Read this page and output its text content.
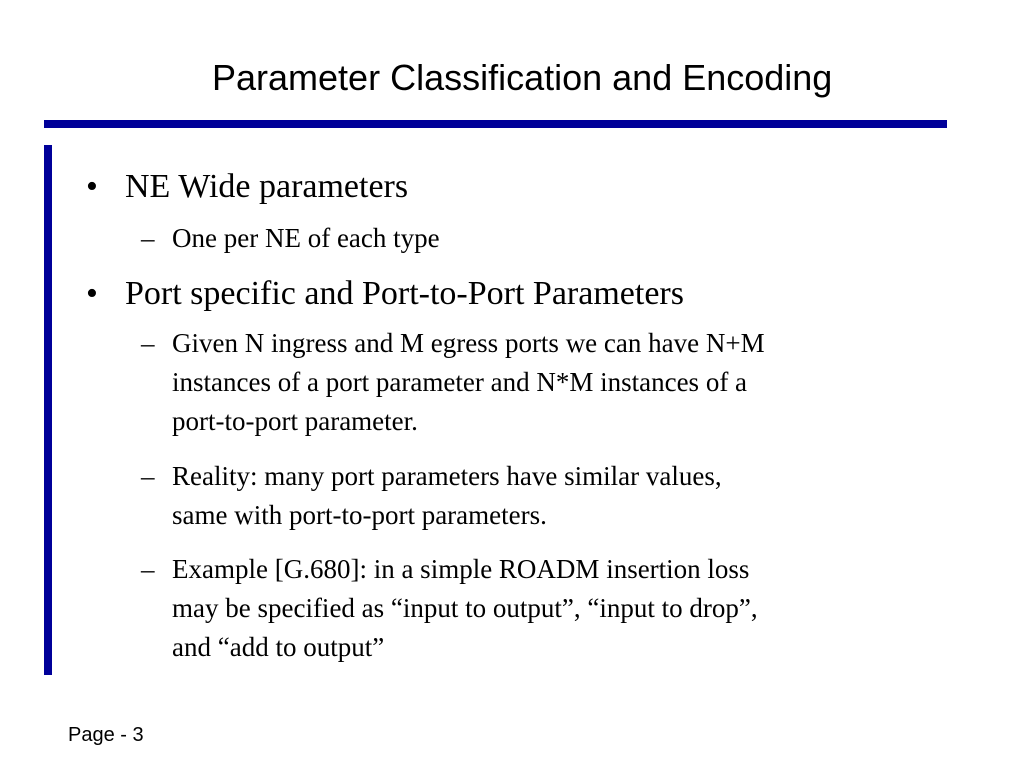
Parameter Classification and Encoding
• NE Wide parameters
– One per NE of each type
• Port specific and Port-to-Port Parameters
– Given N ingress and M egress ports we can have N+M
instances of a port parameter and N*M instances of a
port-to-port parameter.
– Reality: many port parameters have similar values,
same with port-to-port parameters.
– Example [G.680]: in a simple ROADM insertion loss
may be specified as “input to output”, “input to drop”,
and “add to output”
Page - 3
